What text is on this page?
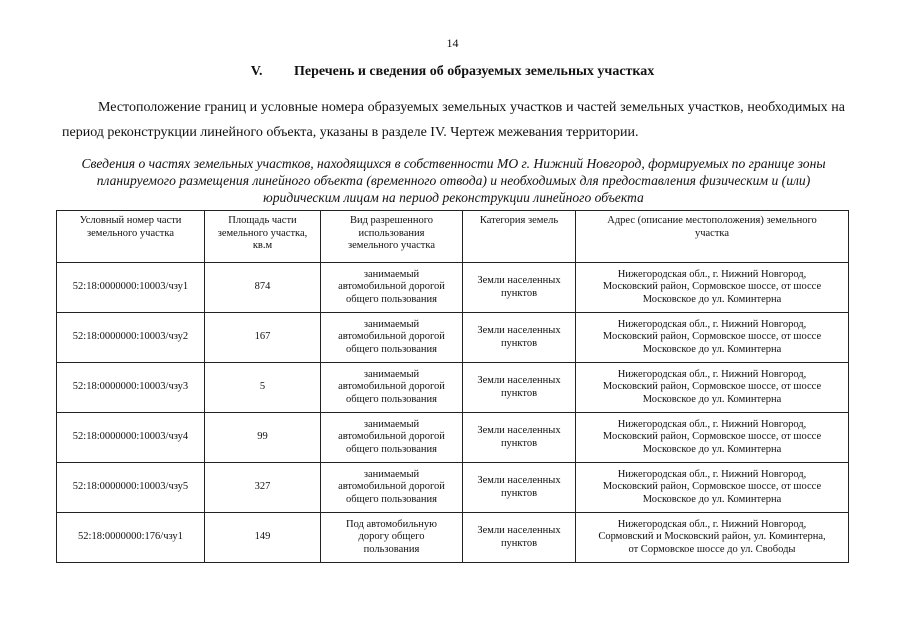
14
V. Перечень и сведения об образуемых земельных участках

Местоположение границ и условные номера образуемых земельных участков и частей земельных участков, необходимых на период реконструкции линейного объекта, указаны в разделе IV. Чертеж межевания территории.

Сведения о частях земельных участков, находящихся в собственности МО г. Нижний Новгород, формируемых по границе зоны планируемого размещения линейного объекта (временного отвода) и необходимых для предоставления физическим и (или) юридическим лицам на период реконструкции линейного объекта

Условный номер части
земельного участка	Площадь части
земельного участка,
кв.м	Вид разрешенного
использования
земельного участка	Категория земель	Адрес (описание местоположения) земельного
участка
52:18:0000000:10003/чзу1	874	занимаемый
автомобильной дорогой
общего пользования	Земли населенных
пунктов	Нижегородская обл., г. Нижний Новгород,
Московский район, Сормовское шоссе, от шоссе
Московское до ул. Коминтерна
52:18:0000000:10003/чзу2	167	занимаемый
автомобильной дорогой
общего пользования	Земли населенных
пунктов	Нижегородская обл., г. Нижний Новгород,
Московский район, Сормовское шоссе, от шоссе
Московское до ул. Коминтерна
52:18:0000000:10003/чзу3	5	занимаемый
автомобильной дорогой
общего пользования	Земли населенных
пунктов	Нижегородская обл., г. Нижний Новгород,
Московский район, Сормовское шоссе, от шоссе
Московское до ул. Коминтерна
52:18:0000000:10003/чзу4	99	занимаемый
автомобильной дорогой
общего пользования	Земли населенных
пунктов	Нижегородская обл., г. Нижний Новгород,
Московский район, Сормовское шоссе, от шоссе
Московское до ул. Коминтерна
52:18:0000000:10003/чзу5	327	занимаемый
автомобильной дорогой
общего пользования	Земли населенных
пунктов	Нижегородская обл., г. Нижний Новгород,
Московский район, Сормовское шоссе, от шоссе
Московское до ул. Коминтерна
52:18:0000000:176/чзу1	149	Под автомобильную
дорогу общего
пользования	Земли населенных
пунктов	Нижегородская обл., г. Нижний Новгород,
Сормовский и Московский район, ул. Коминтерна,
от Сормовское шоссе до ул. Свободы
